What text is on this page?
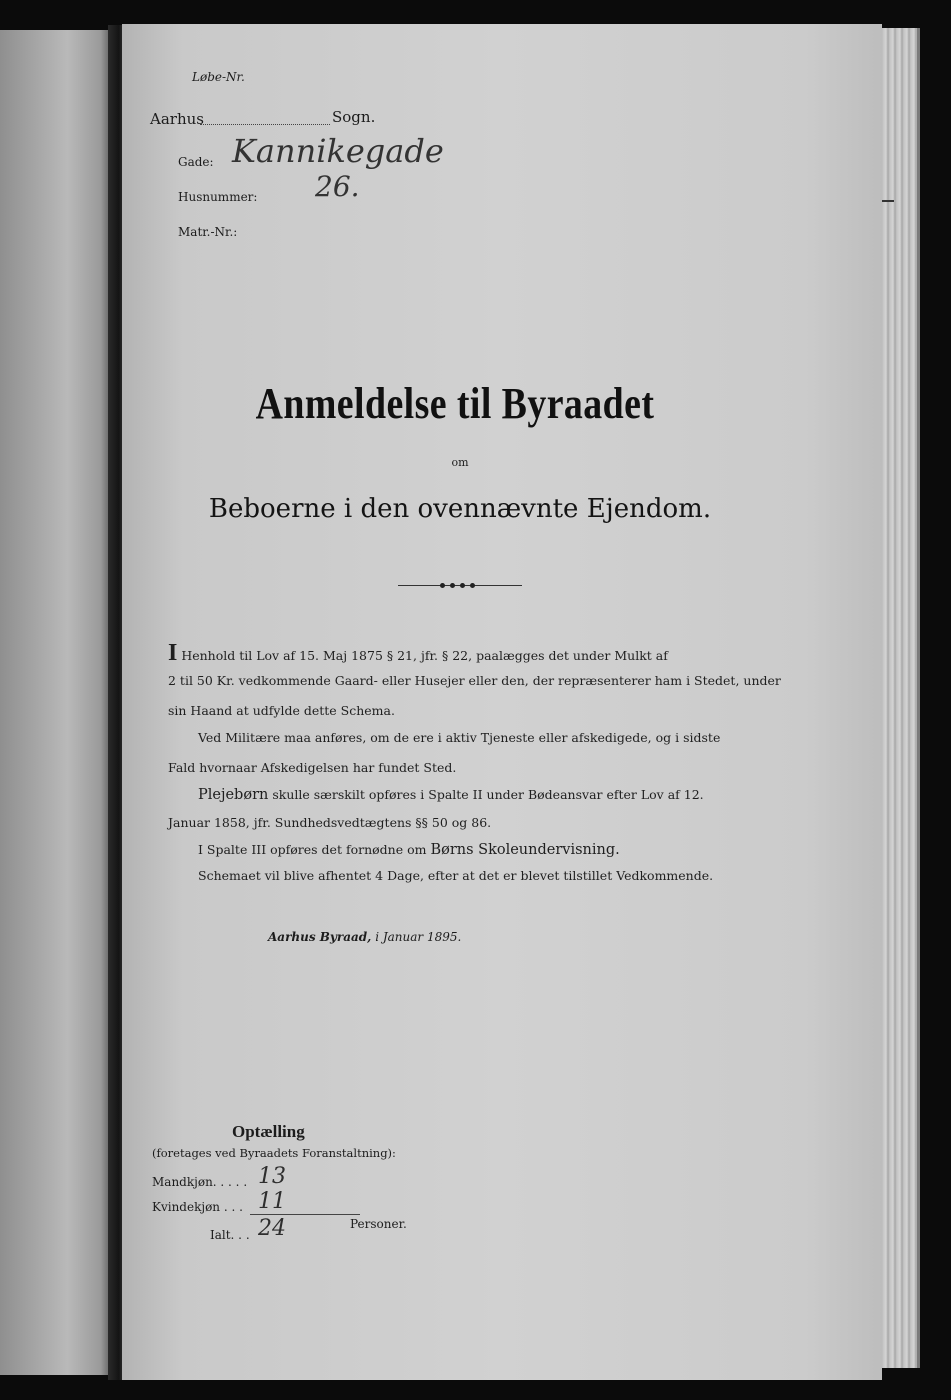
Løbe-Nr.
Aarhus	Sogn.
Gade: Kannikegade
Husnummer: 26.
Matr.-Nr.:
Anmeldelse til Byraadet
om
Beboerne i den ovennævnte Ejendom.
I Henhold til Lov af 15. Maj 1875 § 21, jfr. § 22, paalægges det under Mulkt af
2 til 50 Kr. vedkommende Gaard- eller Husejer eller den, der repræsenterer ham i Stedet, under
sin Haand at udfylde dette Schema.
Ved Militære maa anføres, om de ere i aktiv Tjeneste eller afskedigede, og i sidste
Fald hvornaar Afskedigelsen har fundet Sted.
Plejebørn skulle særskilt opføres i Spalte II under Bødeansvar efter Lov af 12.
Januar 1858, jfr. Sundhedsvedtægtens §§ 50 og 86.
I Spalte III opføres det fornødne om Børns Skoleundervisning.
Schemaet vil blive afhentet 4 Dage, efter at det er blevet tilstillet Vedkommende.
Aarhus Byraad, i Januar 1895.
Optælling
(foretages ved Byraadets Foranstaltning):
Mandkjøn. . . . . 13
Kvindekjøn . . . 11
Ialt. . . 24	Personer.
